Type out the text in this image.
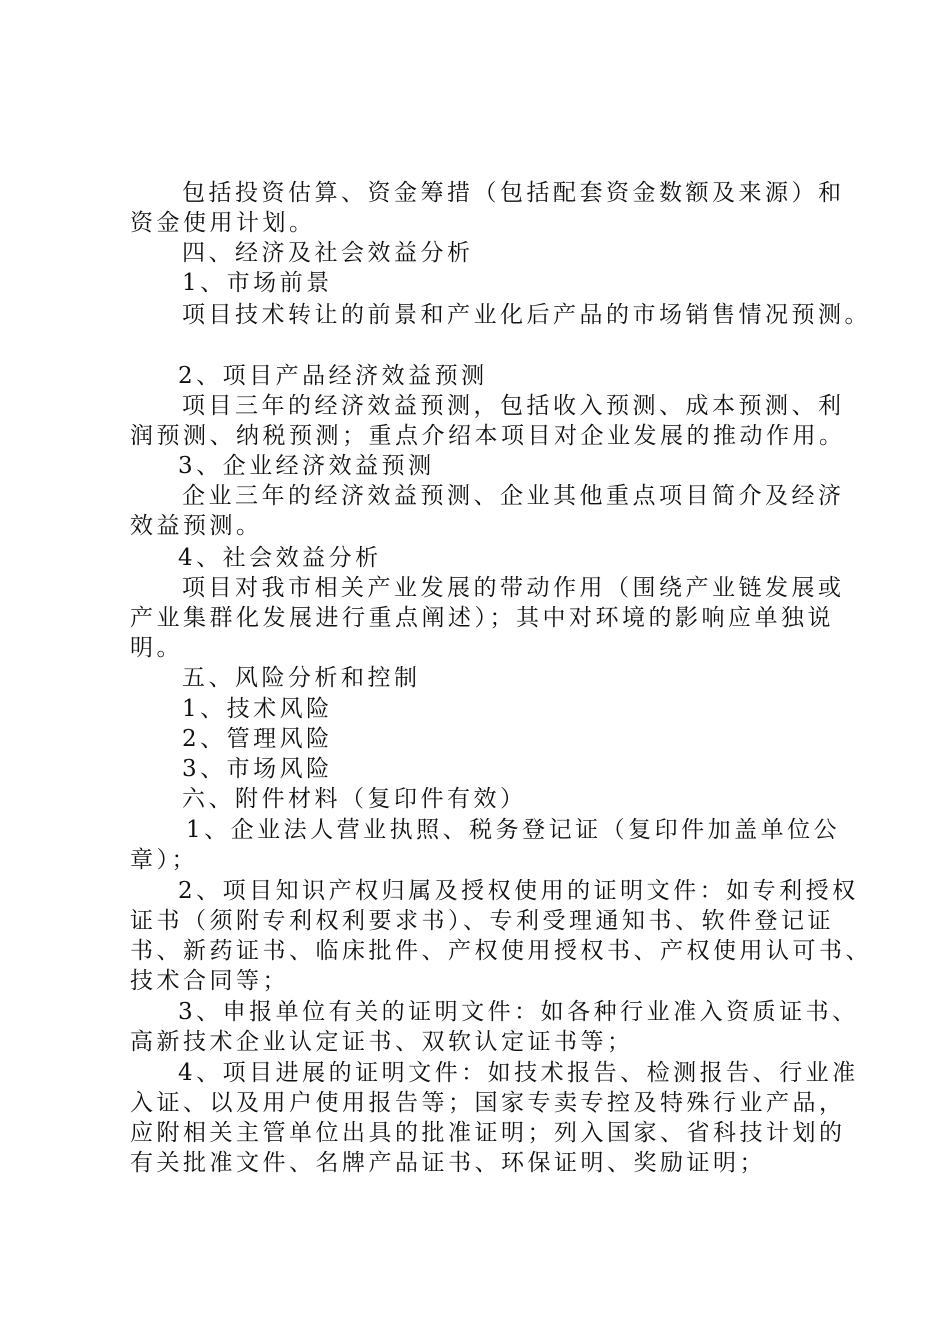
包括投资估算、资金筹措（包括配套资金数额及来源）和
资金使用计划。
四、经济及社会效益分析
1、市场前景
项目技术转让的前景和产业化后产品的市场销售情况预测。
2、项目产品经济效益预测
项目三年的经济效益预测，包括收入预测、成本预测、利
润预测、纳税预测；重点介绍本项目对企业发展的推动作用。
3、企业经济效益预测
企业三年的经济效益预测、企业其他重点项目简介及经济
效益预测。
4、社会效益分析
项目对我市相关产业发展的带动作用（围绕产业链发展或
产业集群化发展进行重点阐述）；其中对环境的影响应单独说
明。
五、风险分析和控制
1、技术风险
2、管理风险
3、市场风险
六、附件材料（复印件有效）
1、企业法人营业执照、税务登记证（复印件加盖单位公
章）；
2、项目知识产权归属及授权使用的证明文件：如专利授权
证书（须附专利权利要求书）、专利受理通知书、软件登记证
书、新药证书、临床批件、产权使用授权书、产权使用认可书、
技术合同等；
3、申报单位有关的证明文件：如各种行业准入资质证书、
高新技术企业认定证书、双软认定证书等；
4、项目进展的证明文件：如技术报告、检测报告、行业准
入证、以及用户使用报告等；国家专卖专控及特殊行业产品，
应附相关主管单位出具的批准证明；列入国家、省科技计划的
有关批准文件、名牌产品证书、环保证明、奖励证明；
